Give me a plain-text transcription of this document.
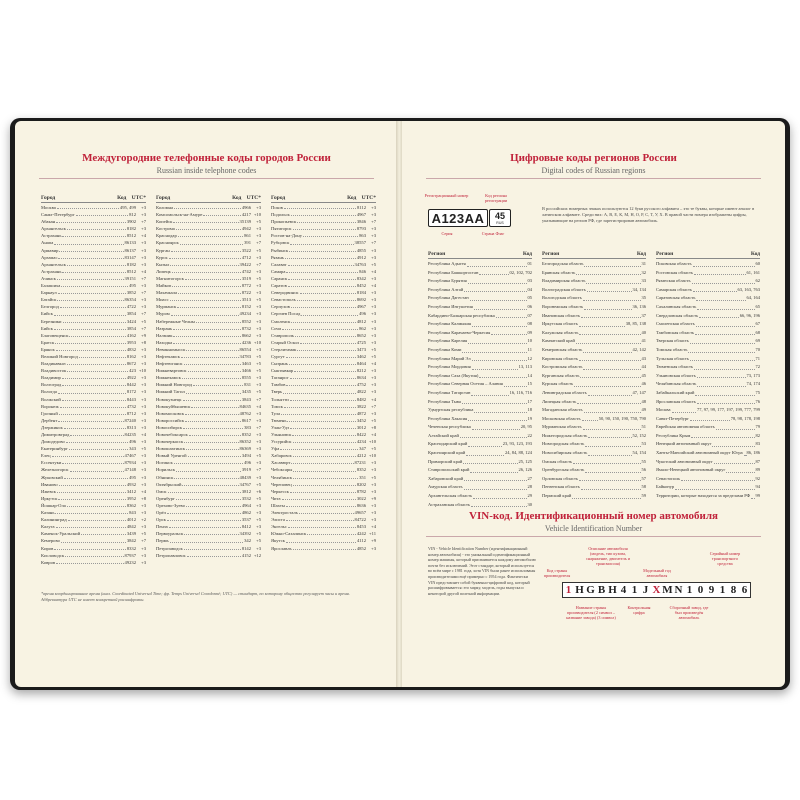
Междугородние телефонные коды городов России
Russian inside telephone codes
Город	Код UTC*
Москва	495, 499	+3
Санкт-Петербург	812	+3
Абакан	3902	+7
Архангельск	8182	+3
Астрахань	8512	+4
Анапа	86133	+3
Армавир	86137	+3
Арзамас	83147	+3
Архангельск	8182	+3
Астрахань	8512	+4
Ачинск	39151	+7
Балашиха	495	+3
Барнаул	3852	+7
Батайск	86354	+3
Белгород	4722	+3
Бийск	3854	+7
Березники	3424	+5
Бийск	3854	+7
Благовещенск	4162	+9
Братск	3953	+8
Брянск	4832	+3
Великий Новгород	8162	+3
Владикавказ	8672	+3
Владивосток	423 +10
Владимир	4922	+3
Волгоград	8442	+3
Вологда	8172	+3
Волжский	8443	+3
Воронеж	4732	+3
Грозный	8712	+3
Дербент	87240	+3
Дзержинск	8313	+3
Димитровград	84235	+4
Домодедово	496	+3
Екатеринбург	343	+5
Елец	47467	+3
Ессентуки	87934	+3
Железногорск	47148	+3
Жуковский	495	+3
Иваново	4932	+3
Ижевск	3412	+4
Иркутск	3952	+8
Йошкар-Ола	8362	+3
Казань	843	+3
Калининград	4012	+2
Калуга	4842	+3
Каменск-Уральский	3439	+5
Кемерово	3842	+7
Киров	8332	+3
Кисловодск	87937	+3
Ковров	49232	+3
Город	Код UTC*
Коломна	4966	+3
Комсомольск-на-Амуре	4217 +10
Копейск	35139	+5
Кострома	4942	+3
Краснодар	861	+3
Красноярск	391	+7
Курган	3522	+5
Курск	4712	+3
Кызыл	39422	+7
Липецк	4742	+3
Магнитогорск	3519	+5
Майкоп	8772	+3
Махачкала	8722	+3
Миасс	3513	+5
Мурманск	8152	+3
Муром	49234	+3
Набережные Челны	8552	+3
Назрань	8732	+3
Нальчик	8662	+3
Находка	4236 +10
Невинномысск	86554	+3
Нефтекамск	34783	+5
Нефтеюганск	3463	+5
Нижневартовск	3466	+5
Нижнекамск	8555	+3
Нижний Новгород	831	+3
Нижний Тагил	3435	+5
Новокузнецк	3843	+7
Новокуйбышевск	84635	+4
Новомосковск	48762	+3
Новороссийск	8617	+3
Новосибирск	383	+7
Новочебоксарск	8352	+3
Новочеркасск	86352	+3
Новошахтинск	86369	+3
Новый Уренгой	3494	+5
Ногинск	496	+3
Норильск	3919	+7
Обнинск	48439	+3
Октябрьский	34767	+5
Омск	3812	+6
Оренбург	3532	+5
Орехово-Зуево	4964	+3
Орёл	4862	+3
Орск	3537	+5
Пенза	8412	+3
Первоуральск	34392	+5
Пермь	342	+5
Петрозаводск	8142	+3
Петропавловск	4152 +12
Город	Код UTC*
Псков	8112	+3
Подольск	4967	+3
Прокопьевск	3846	+7
Пятигорск	8793	+3
Ростов-на-Дону	863	+3
Рубцовск	38557	+7
Рыбинск	4855	+3
Рязань	4912	+3
Салават	34763	+5
Самара	846	+4
Саранск	8342	+3
Саратов	8452	+4
Северодвинск	8184	+3
Севастополь	8692	+3
Серпухов	4967	+3
Сергиев Посад	496	+3
Смоленск	4812	+3
Сочи	862	+3
Ставрополь	8652	+3
Старый Оскол	4725	+3
Стерлитамак	3473	+5
Сургут	3462	+5
Сызрань	8464	+4
Сыктывкар	8212	+3
Таганрог	8634	+3
Тамбов	4752	+3
Тверь	4822	+3
Тольятти	8482	+4
Томск	3822	+7
Тула	4872	+3
Тюмень	3452	+5
Улан-Удэ	3012	+8
Ульяновск	8422	+4
Уссурийск	4234 +10
Уфа	347	+5
Хабаровск	4212 +10
Хасавюрт	87231	+3
Чебоксары	8352	+3
Челябинск	351	+5
Череповец	8202	+3
Черкесск	8782	+3
Чита	3022	+9
Шахты	8636	+3
Электросталь	49657	+3
Элиста	84722	+3
Энгельс	8453	+4
Южно-Сахалинск	4242 +11
Якутск	4112	+9
Ярославль	4852	+3
*время координированное время (англ. Coordinated Universal Time; фр. Temps Universel Coordonné; UTC) — стандарт, по которому общество регулирует часы и время. Аббревиатура UTC не имеет конкретной расшифровки.
Цифровые коды регионов России
Digital codes of Russian regions
Регистрационный номер	Код региона регистрации
А123АА	45
RUS
Серия	Страна Флаг
В российских номерных знаках используются 12 букв русского алфавита – это те буквы, которые имеют аналог в латинском алфавите. Среди них: А, В, Е, К, М, Н, О, Р, С, Т, У, Х. В правой части номера изображены цифры, указывающие на регион РФ, где зарегистрирован автомобиль.
Регион	Код
Республика Адыгея	01
Республика Башкортостан	02, 102, 702
Республика Бурятия	03
Республика Алтай	04
Республика Дагестан	05
Республика Ингушетия	06
Кабардино-Балкарская республика	07
Республика Калмыкия	08
Республика Карачаево-Черкесия	09
Республика Карелия	10
Республика Коми	11
Республика Марий Эл	12
Республика Мордовия	13, 113
Республика Саха (Якутия)	14
Республика Северная Осетия – Алания	15
Республика Татарстан	16, 116, 716
Республика Тыва	17
Удмуртская республика	18
Республика Хакасия	19
Чеченская республика	20, 95
Алтайский край	22
Краснодарский край	23, 93, 123, 193
Красноярский край	24, 84, 88, 124
Приморский край	25, 125
Ставропольский край	26, 126
Хабаровский край	27
Амурская область	28
Архангельская область	29
Астраханская область	30
Регион	Код
Белгородская область	31
Брянская область	32
Владимирская область	33
Волгоградская область	34, 134
Вологодская область	35
Воронежская область	36, 136
Ивановская область	37
Иркутская область	38, 85, 138
Калужская область	40
Камчатский край	41
Кемеровская область	42, 142
Кировская область	43
Костромская область	44
Курганская область	45
Курская область	46
Ленинградская область	47, 147
Липецкая область	48
Магаданская область	49
Московская область	50, 90, 150, 190, 750, 790
Мурманская область	51
Нижегородская область	52, 152
Новгородская область	53
Новосибирская область	54, 154
Омская область	55
Оренбургская область	56
Орловская область	57
Пензенская область	58
Пермский край	59
Регион	Код
Псковская область	60
Ростовская область	61, 161
Рязанская область	62
Самарская область	63, 163, 763
Саратовская область	64, 164
Сахалинская область	65
Свердловская область	66, 96, 196
Смоленская область	67
Тамбовская область	68
Тверская область	69
Томская область	70
Тульская область	71
Тюменская область	72
Ульяновская область	73, 173
Челябинская область	74, 174
Забайкальский край	75
Ярославская область	76
Москва	77, 97, 99, 177, 197, 199, 777, 799
Санкт-Петербург	78, 98, 178, 198
Еврейская автономная область	79
Республика Крым	82
Ненецкий автономный округ	83
Ханты-Мансийский автономный округ Югра 86, 186
Чукотский автономный округ	87
Ямало-Ненецкий автономный округ	89
Севастополь	92
Байконур	94
Территории, которые находятся за пределами РФ 99
VIN-код. Идентификационный номер автомобиля
Vehicle Identification Number
VIN - Vehicle Identification Number (идентификационный номер автомобиля) - это уникальный идентификационный номер машины, который присваивается каждому автомобилю почти без исключений. Этот стандарт, который используется во всём мире с 1981 года, хотя VIN были ранее использованы производителями ещё примерно с 1954 года. Фактически VIN представляет собой буквенно-цифровой код, который расшифровывается: его марку, модель, годы выпуска и некоторой другой полезной информации.
Код страны производителя
Описание автомобиля (модель, тип кузова, снаряжение, двигатель и трансмиссия)
Модельный год автомобиля
Серийный номер транспортного средства
1 H G B H 4 1 J X M N 1 0 9 1 8 6
Название страны производителя (2 символ – название завода) (3 символ)
Контрольная цифра
Сборочный завод, где был произведён автомобиль
